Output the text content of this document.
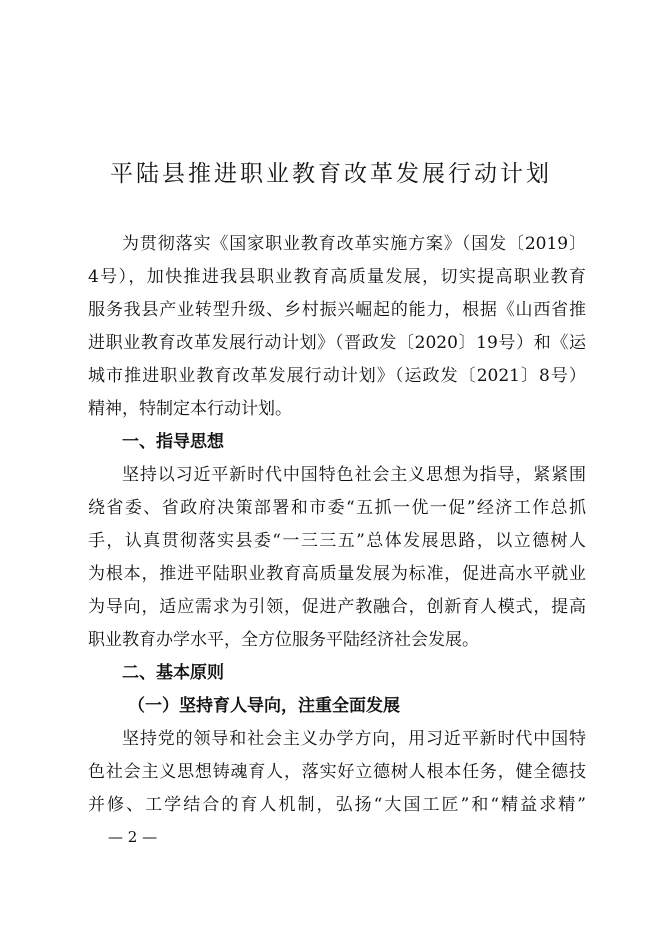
平陆县推进职业教育改革发展行动计划
为贯彻落实《国家职业教育改革实施方案》（国发〔2019〕
4号），加快推进我县职业教育高质量发展，切实提高职业教育
服务我县产业转型升级、乡村振兴崛起的能力，根据《山西省推
进职业教育改革发展行动计划》（晋政发〔2020〕19号）和《运
城市推进职业教育改革发展行动计划》（运政发〔2021〕8号）
精神，特制定本行动计划。
一、指导思想
坚持以习近平新时代中国特色社会主义思想为指导，紧紧围
绕省委、省政府决策部署和市委“五抓一优一促”经济工作总抓
手，认真贯彻落实县委“一三三五”总体发展思路，以立德树人
为根本，推进平陆职业教育高质量发展为标准，促进高水平就业
为导向，适应需求为引领，促进产教融合，创新育人模式，提高
职业教育办学水平，全方位服务平陆经济社会发展。
二、基本原则
（一）坚持育人导向，注重全面发展
坚持党的领导和社会主义办学方向，用习近平新时代中国特
色社会主义思想铸魂育人，落实好立德树人根本任务，健全德技
并修、工学结合的育人机制，弘扬“大国工匠”和“精益求精”
— 2 —
